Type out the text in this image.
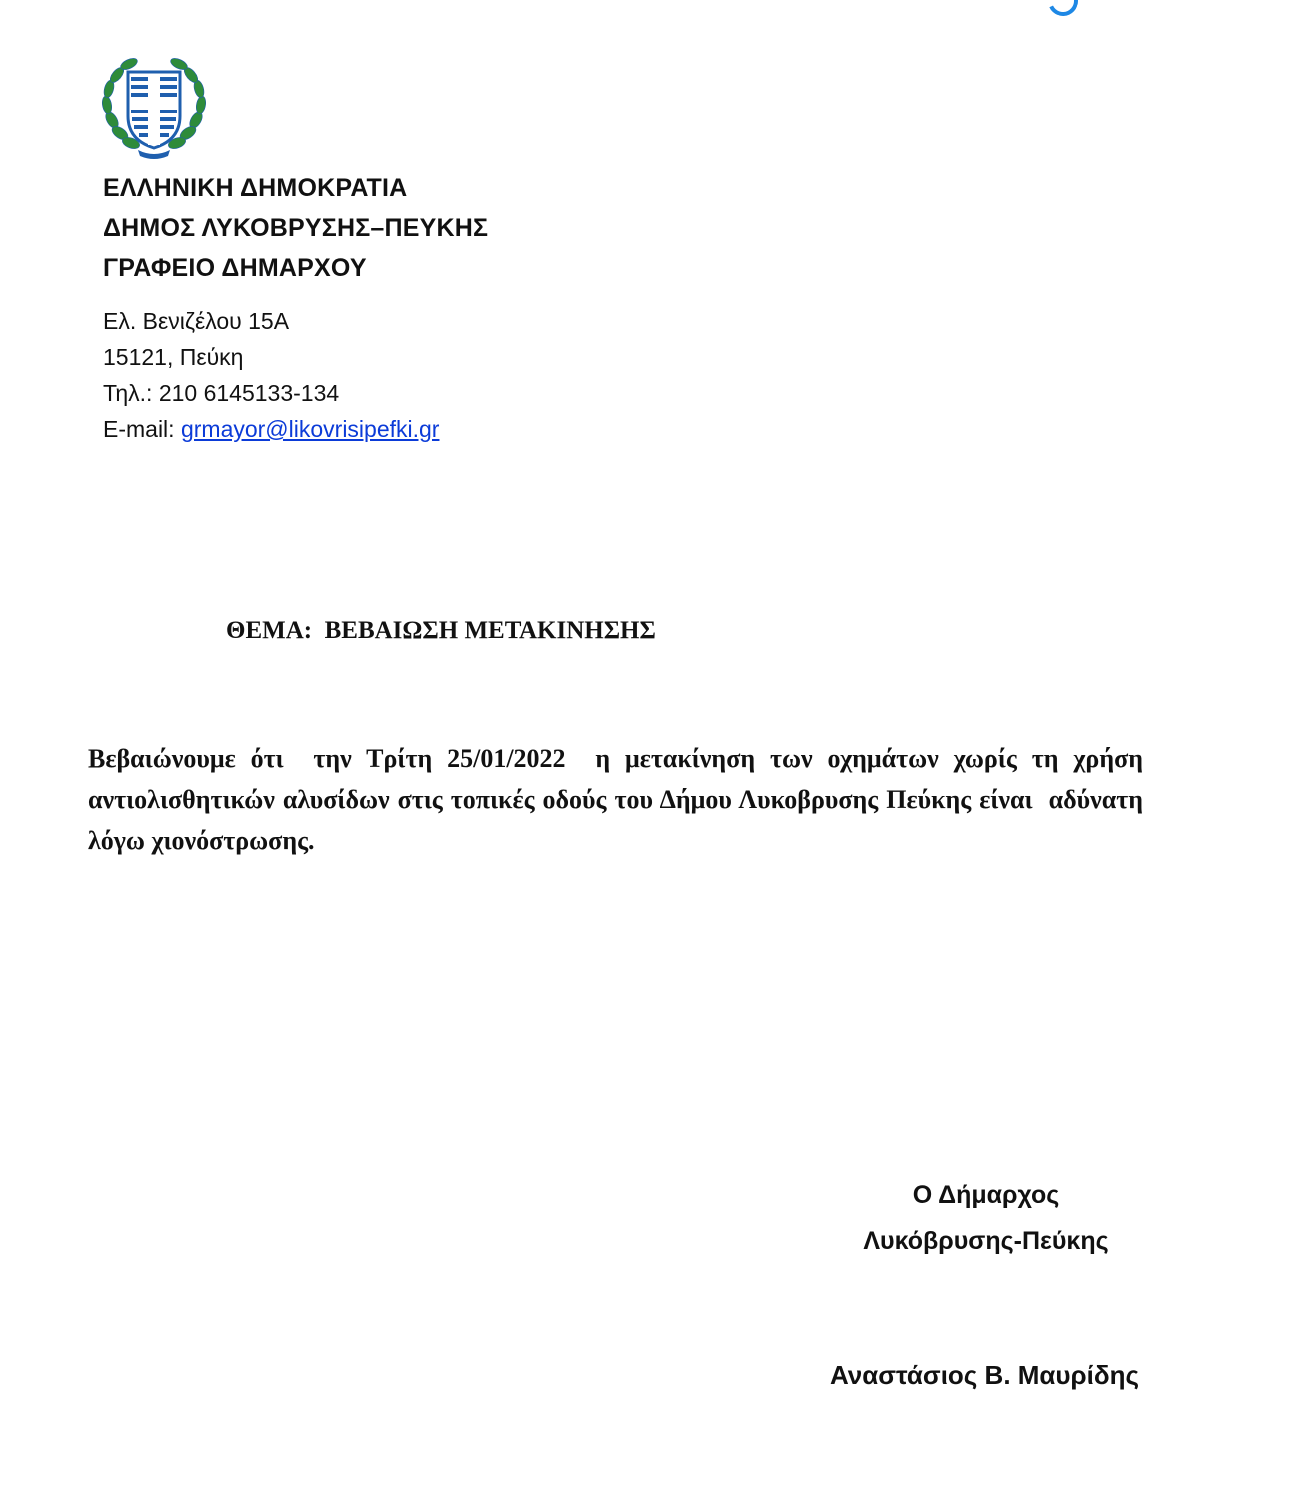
ΕΛΛΗΝΙΚΗ ΔΗΜΟΚΡΑΤΙΑ
ΔΗΜΟΣ ΛΥΚΟΒΡΥΣΗΣ–ΠΕΥΚΗΣ
ΓΡΑΦΕΙΟ ΔΗΜΑΡΧΟΥ
Ελ. Βενιζέλου 15Α
15121, Πεύκη
Τηλ.: 210 6145133-134
E-mail: grmayor@likovrisipefki.gr
ΘΕΜΑ:  ΒΕΒΑΙΩΣΗ ΜΕΤΑΚΙΝΗΣΗΣ
Βεβαιώνουμε ότι  την Τρίτη 25/01/2022  η μετακίνηση των οχημάτων χωρίς τη χρήση αντιολισθητικών αλυσίδων στις τοπικές οδούς του Δήμου Λυκοβρυσης Πεύκης είναι  αδύνατη λόγω χιονόστρωσης.
Ο Δήμαρχος
Λυκόβρυσης-Πεύκης
Αναστάσιος Β. Μαυρίδης
